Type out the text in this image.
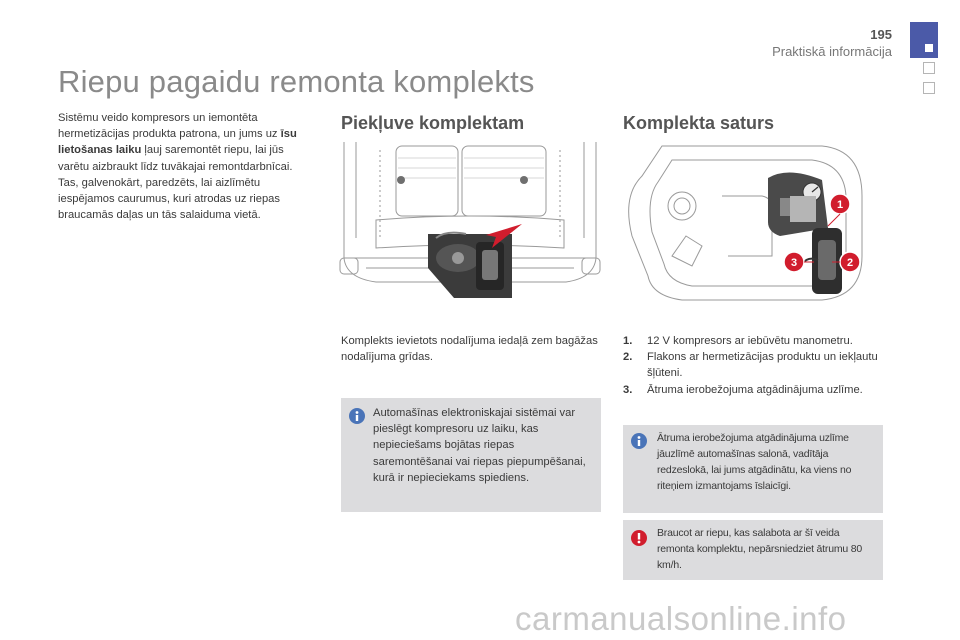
195
Praktiskā informācija
Riepu pagaidu remonta komplekts
Sistēmu veido kompresors un iemontēta hermetizācijas produkta patrona, un jums uz īsu lietošanas laiku ļauj saremontēt riepu, lai jūs varētu aizbraukt līdz tuvākajai remontdarbnīcai.
Tas, galvenokārt, paredzēts, lai aizlīmētu iespējamos caurumus, kuri atrodas uz riepas braucamās daļas un tās salaiduma vietā.
Piekļuve komplektam
Komplekts ievietots nodalījuma iedaļā zem bagāžas nodalījuma grīdas.
Automašīnas elektroniskajai sistēmai var pieslēgt kompresoru uz laiku, kas nepieciešams bojātas riepas saremontēšanai vai riepas piepumpēšanai, kurā ir nepieciekams spiediens.
Komplekta saturs
1
2
3
1. 12 V kompresors ar iebūvētu manometru.
2. Flakons ar hermetizācijas produktu un iekļautu šļūteni.
3. Ātruma ierobežojuma atgādinājuma uzlīme.
Ātruma ierobežojuma atgādinājuma uzlīme jāuzlīmē automašīnas salonā, vadītāja redzeslokā, lai jums atgādinātu, ka viens no riteņiem izmantojams īslaicīgi.
Braucot ar riepu, kas salabota ar šī veida remonta komplektu, nepārsniedziet ātrumu 80 km/h.
carmanualsonline.info
